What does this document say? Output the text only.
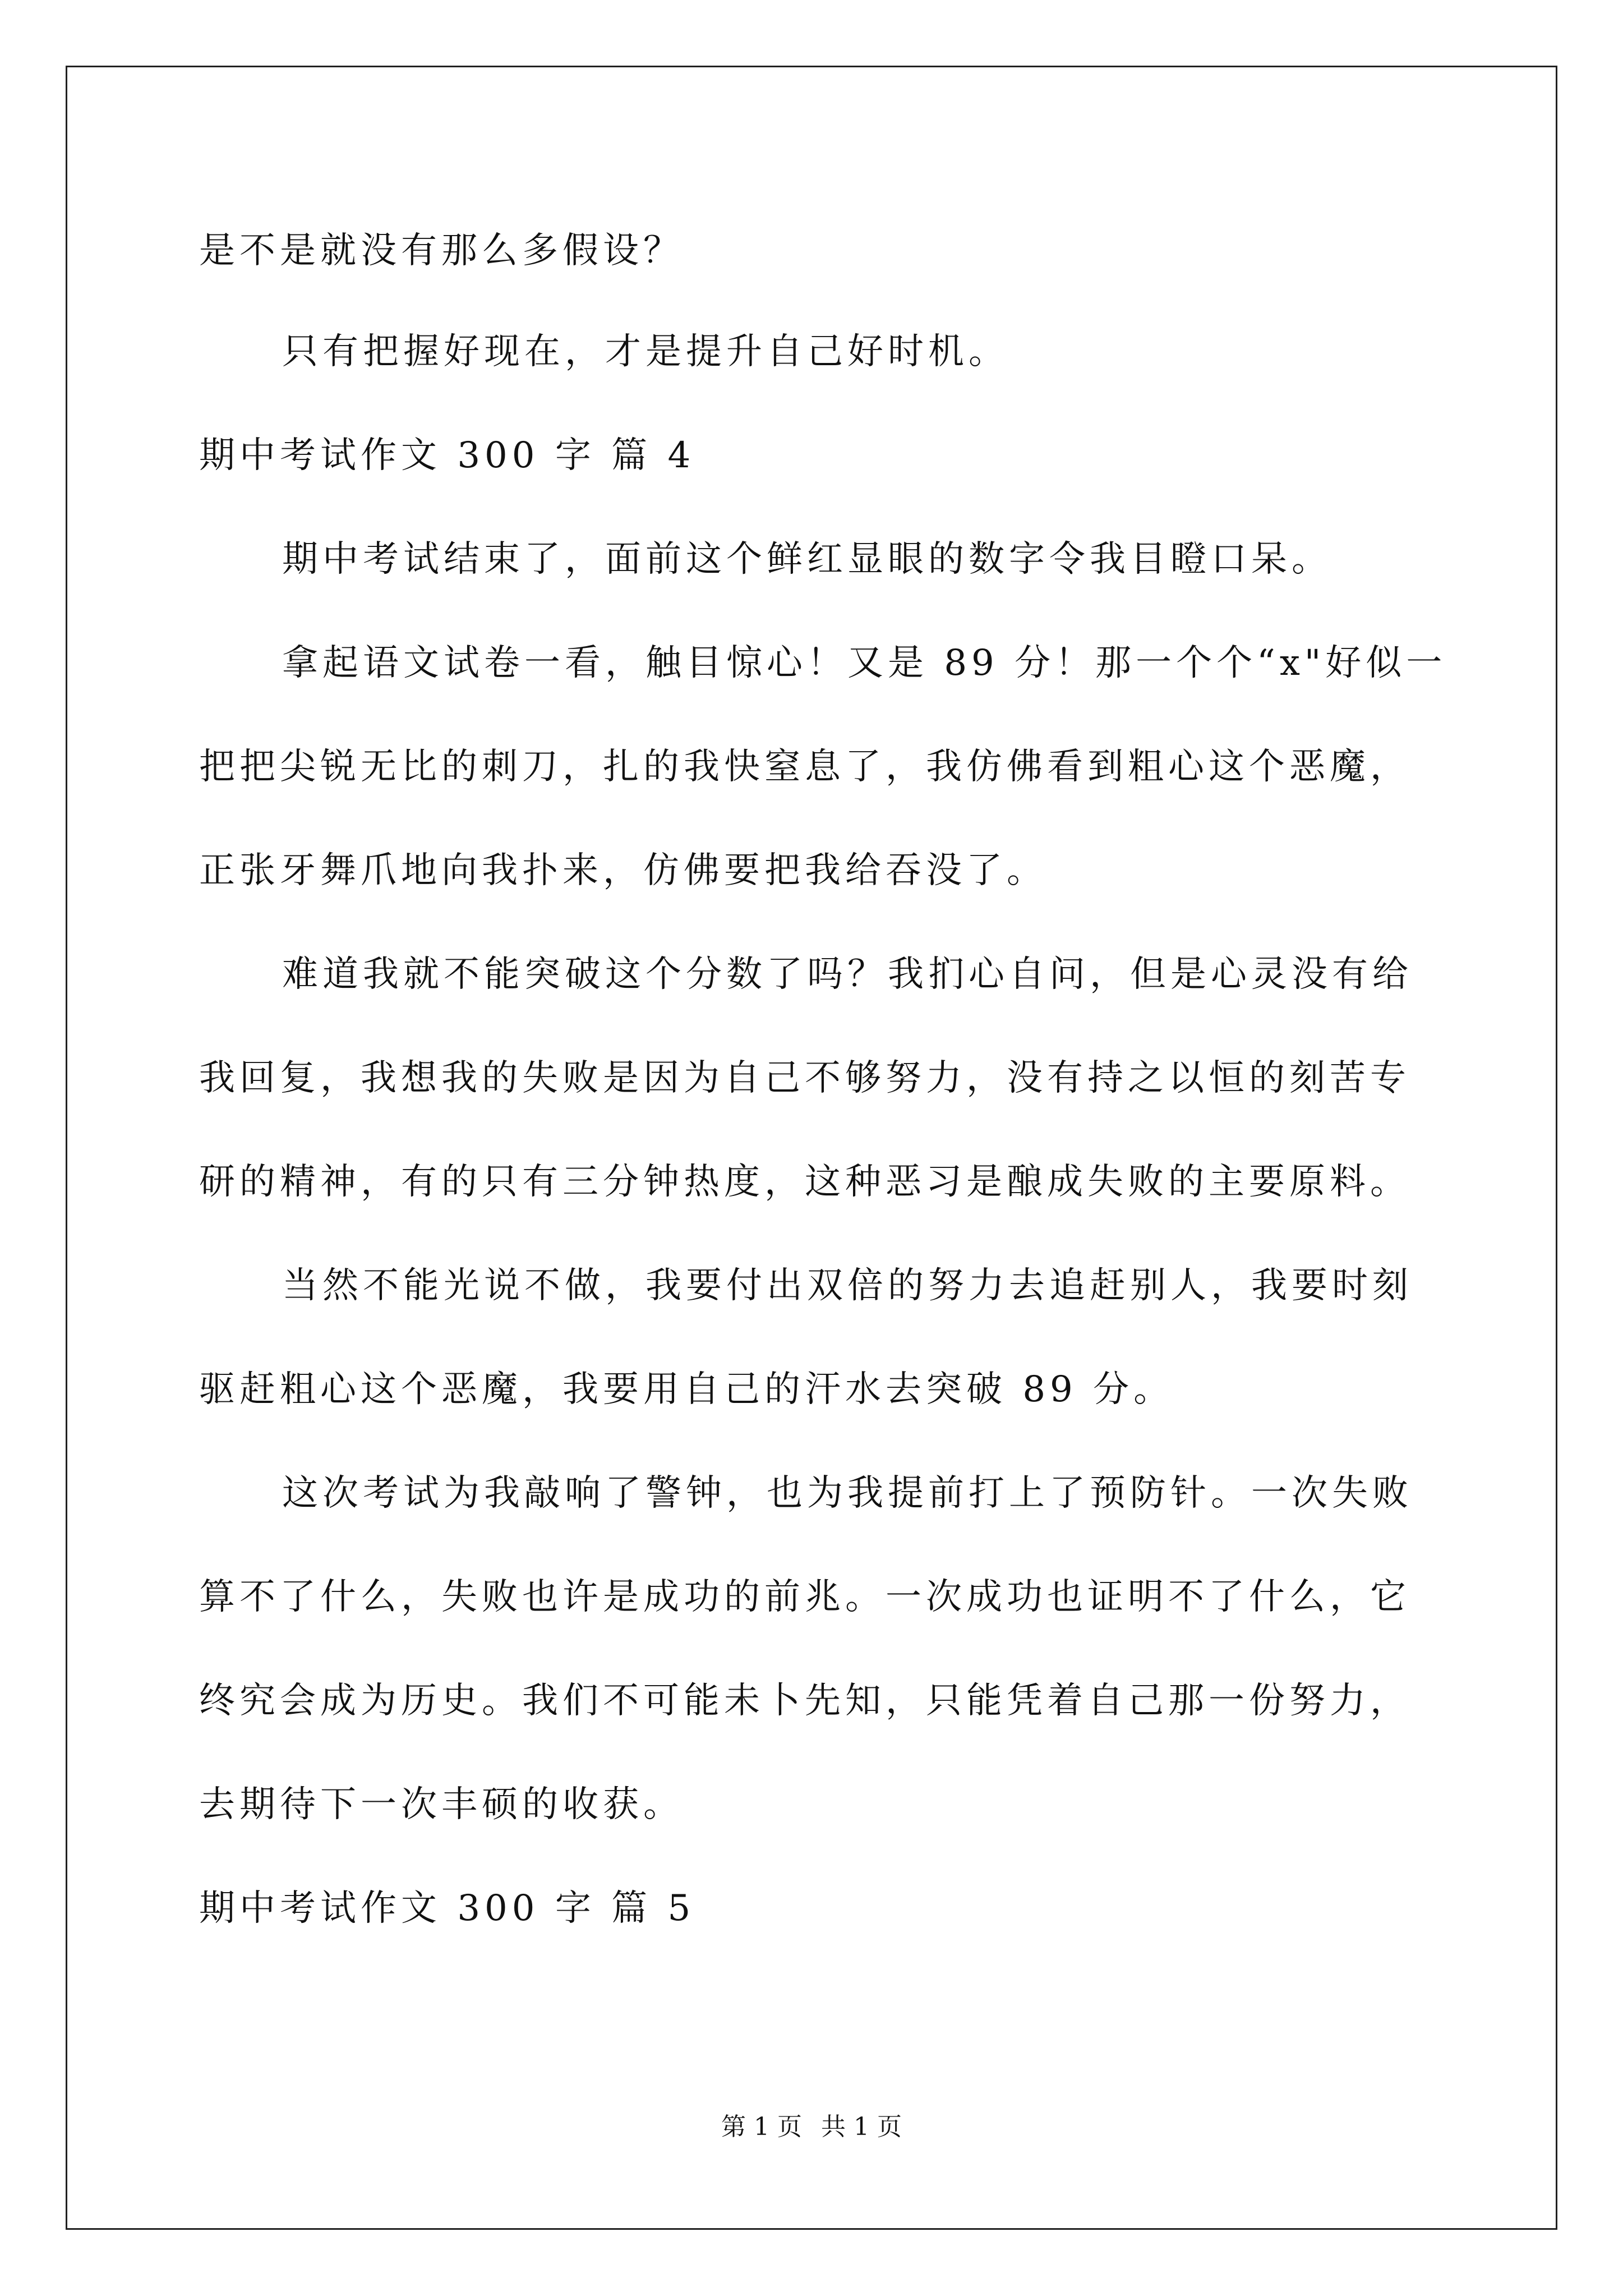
是不是就没有那么多假设？
只有把握好现在，才是提升自己好时机。
期中考试作文 300 字 篇 4
期中考试结束了，面前这个鲜红显眼的数字令我目瞪口呆。
拿起语文试卷一看，触目惊心！又是 89 分！那一个个“x"好似一
把把尖锐无比的刺刀，扎的我快窒息了，我仿佛看到粗心这个恶魔，
正张牙舞爪地向我扑来，仿佛要把我给吞没了。
难道我就不能突破这个分数了吗？我扪心自问，但是心灵没有给
我回复，我想我的失败是因为自己不够努力，没有持之以恒的刻苦专
研的精神，有的只有三分钟热度，这种恶习是酿成失败的主要原料。
当然不能光说不做，我要付出双倍的努力去追赶别人，我要时刻
驱赶粗心这个恶魔，我要用自己的汗水去突破 89 分。
这次考试为我敲响了警钟，也为我提前打上了预防针。一次失败
算不了什么，失败也许是成功的前兆。一次成功也证明不了什么，它
终究会成为历史。我们不可能未卜先知，只能凭着自己那一份努力，
去期待下一次丰硕的收获。
期中考试作文 300 字 篇 5
第 1 页 共 1 页
